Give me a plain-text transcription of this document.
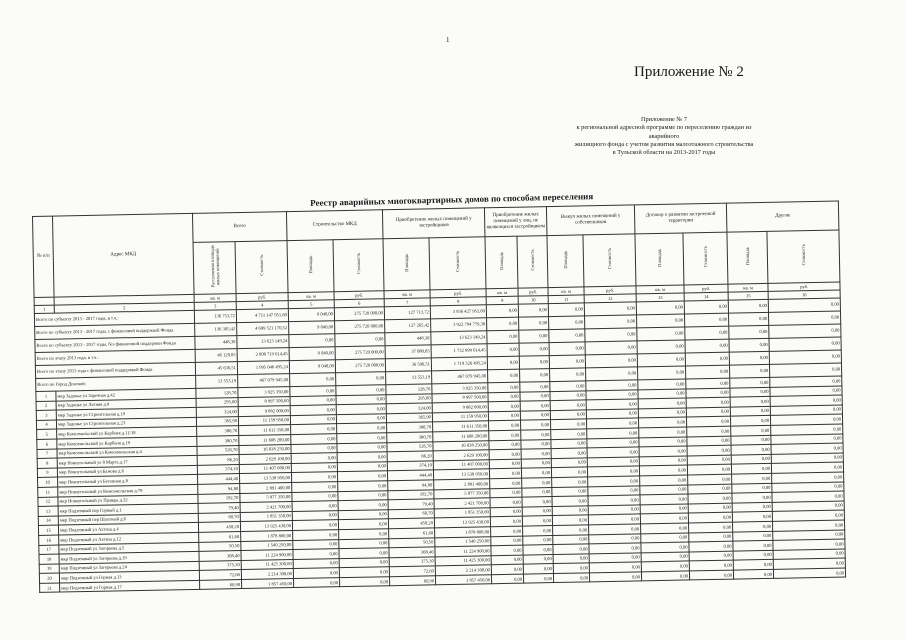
1
Приложение № 2
Приложение № 7
к региональной адресной программе по переселению граждан из аварийного
жилищного фонда с учетом развития малоэтажного строительства
в Тульской области на 2013-2017 годы
Реестр аварийных многоквартирных домов по способам переселения
№ п/п	Адрес МКД	Всего		Строительство МКД		Приобретение жилых помещений у застройщиков		Приобретение жилых помещений у лиц, не являющихся застройщиком		Выкуп жилых помещений у собственников		Договор о развитии застроенной территории		Другие	
		Расселяемая площадь жилых помещений	Стоимость	Площадь	Стоимость	Площадь	Стоимость	Площадь	Стоимость	Площадь	Стоимость	Площадь	Стоимость	Площадь	Стоимость
		кв. м	руб.	кв. м	руб.	кв. м	руб.	кв. м	руб.	кв. м	руб.	кв. м	руб.	кв. м	руб.
1	2	3	4	5	6	7	8	9	10	11	12	13	14	15	16
Всего по субъекту 2013 - 2017 годы, в т.ч.:		136 753,72	4 711 147 951,60	9 040,00	275 720 000,00	127 713,72	3 936 427 951,60	0,00	0,00	0,00	0,00	0,00	0,00	0,00	0,00
Всего по субъекту 2013 - 2017 годы, с финансовой поддержкой Фонда		136 305,42	4 699 521 170,52	9 040,00	275 720 000,00	127 265,42	3 922 794 779,38	0,00	0,00	0,00	0,00	0,00	0,00	0,00	0,00
Всего по субъекту 2013 - 2017 годы, без финансовой поддержки Фонда		448,30	13 623 149,24	0,00	0,00	448,30	13 623 149,24	0,00	0,00	0,00	0,00	0,00	0,00	0,00	0,00
Всего по этапу 2013 года, в т.ч.:		46 120,83	2 008 719 614,45	9 040,00	275 720 000,00	37 080,83	1 732 999 614,45	0,00	0,00	0,00	0,00	0,00	0,00	0,00	0,00
Всего по этапу 2013 года с финансовой поддержкой Фонда		45 636,51	1 995 046 495,24	9 040,00	275 720 000,00	36 596,51	1 719 326 495,24	0,00	0,00	0,00	0,00	0,00	0,00	0,00	0,00
Всего по Город Донской:		13 553,19	467 079 945,00	0,00	0,00	13 553,19	467 079 945,00	0,00	0,00	0,00	0,00	0,00	0,00	0,00	0,00
1	мкр Задонье ул Заречная д.42	128,70	3 925 350,00	0,00	0,00	128,70	3 925 350,00	0,00	0,00	0,00	0,00	0,00	0,00	0,00	0,00
2	мкр Задонье ул Летняя д.9	295,00	8 997 500,00	0,00	0,00	295,00	8 997 500,00	0,00	0,00	0,00	0,00	0,00	0,00	0,00	0,00
3	мкр Задонье ул Строительная д.19	324,00	9 882 000,00	0,00	0,00	324,00	9 882 000,00	0,00	0,00	0,00	0,00	0,00	0,00	0,00	0,00
4	мкр Задонье ул Строительная д.23	365,90	11 159 950,00	0,00	0,00	365,90	11 159 950,00	0,00	0,00	0,00	0,00	0,00	0,00	0,00	0,00
5	мкр Комсомольский ул Карбеня д.11/18	380,70	11 611 350,00	0,00	0,00	380,70	11 611 350,00	0,00	0,00	0,00	0,00	0,00	0,00	0,00	0,00
6	мкр Комсомольский ул Карбеня д.19	380,70	11 608 200,00	0,00	0,00	380,70	11 608 200,00	0,00	0,00	0,00	0,00	0,00	0,00	0,00	0,00
7	мкр Комсомольский ул Комсомольская д.4	526,70	16 038 250,00	0,00	0,00	526,70	16 038 250,00	0,00	0,00	0,00	0,00	0,00	0,00	0,00	0,00
8	мкр Новоугольный ул 8 Марта д.17	86,20	2 629 100,00	0,00	0,00	86,20	2 629 100,00	0,00	0,00	0,00	0,00	0,00	0,00	0,00	0,00
9	мкр Новоугольный ул Бажова д.6	374,10	11 407 000,00	0,00	0,00	374,10	11 407 000,00	0,00	0,00	0,00	0,00	0,00	0,00	0,00	0,00
10	мкр Новоугольный ул Бетонная д.8	444,40	13 538 950,00	0,00	0,00	444,40	13 538 950,00	0,00	0,00	0,00	0,00	0,00	0,00	0,00	0,00
11	мкр Новоугольный ул Комсомольская д.79	94,80	2 891 400,00	0,00	0,00	94,80	2 891 400,00	0,00	0,00	0,00	0,00	0,00	0,00	0,00	0,00
12	мкр Новоугольный ул Правды д.22	192,70	5 877 350,00	0,00	0,00	192,70	5 877 350,00	0,00	0,00	0,00	0,00	0,00	0,00	0,00	0,00
13	мкр Подземный пер Горный д.1	79,40	2 421 700,00	0,00	0,00	79,40	2 421 700,00	0,00	0,00	0,00	0,00	0,00	0,00	0,00	0,00
14	мкр Подземный пер Шахтный д.6	60,70	1 851 350,00	0,00	0,00	60,70	1 851 350,00	0,00	0,00	0,00	0,00	0,00	0,00	0,00	0,00
15	мкр Подземный ул Ахтиза д.4	458,20	13 925 430,00	0,00	0,00	458,20	13 925 430,00	0,00	0,00	0,00	0,00	0,00	0,00	0,00	0,00
16	мкр Подземный ул Ахтиза д.12	61,60	1 878 800,00	0,00	0,00	61,60	1 878 800,00	0,00	0,00	0,00	0,00	0,00	0,00	0,00	0,00
17	мкр Подземный ул Загорьева д.5	50,50	1 540 250,00	0,00	0,00	50,50	1 540 250,00	0,00	0,00	0,00	0,00	0,00	0,00	0,00	0,00
18	мкр Подземный ул Загорьева д.19	368,40	11 224 900,00	0,00	0,00	368,40	11 224 900,00	0,00	0,00	0,00	0,00	0,00	0,00	0,00	0,00
19	мкр Подземный ул Загорьева д.24	375,30	11 425 300,00	0,00	0,00	375,30	11 425 300,00	0,00	0,00	0,00	0,00	0,00	0,00	0,00	0,00
20	мкр Подземный ул Горная д.13	72,60	2 214 300,00	0,00	0,00	72,60	2 214 300,00	0,00	0,00	0,00	0,00	0,00	0,00	0,00	0,00
21	мкр Подземный ул Горная д.17	60,90	1 857 450,00	0,00	0,00	60,90	1 857 450,00	0,00	0,00	0,00	0,00	0,00	0,00	0,00	0,00
